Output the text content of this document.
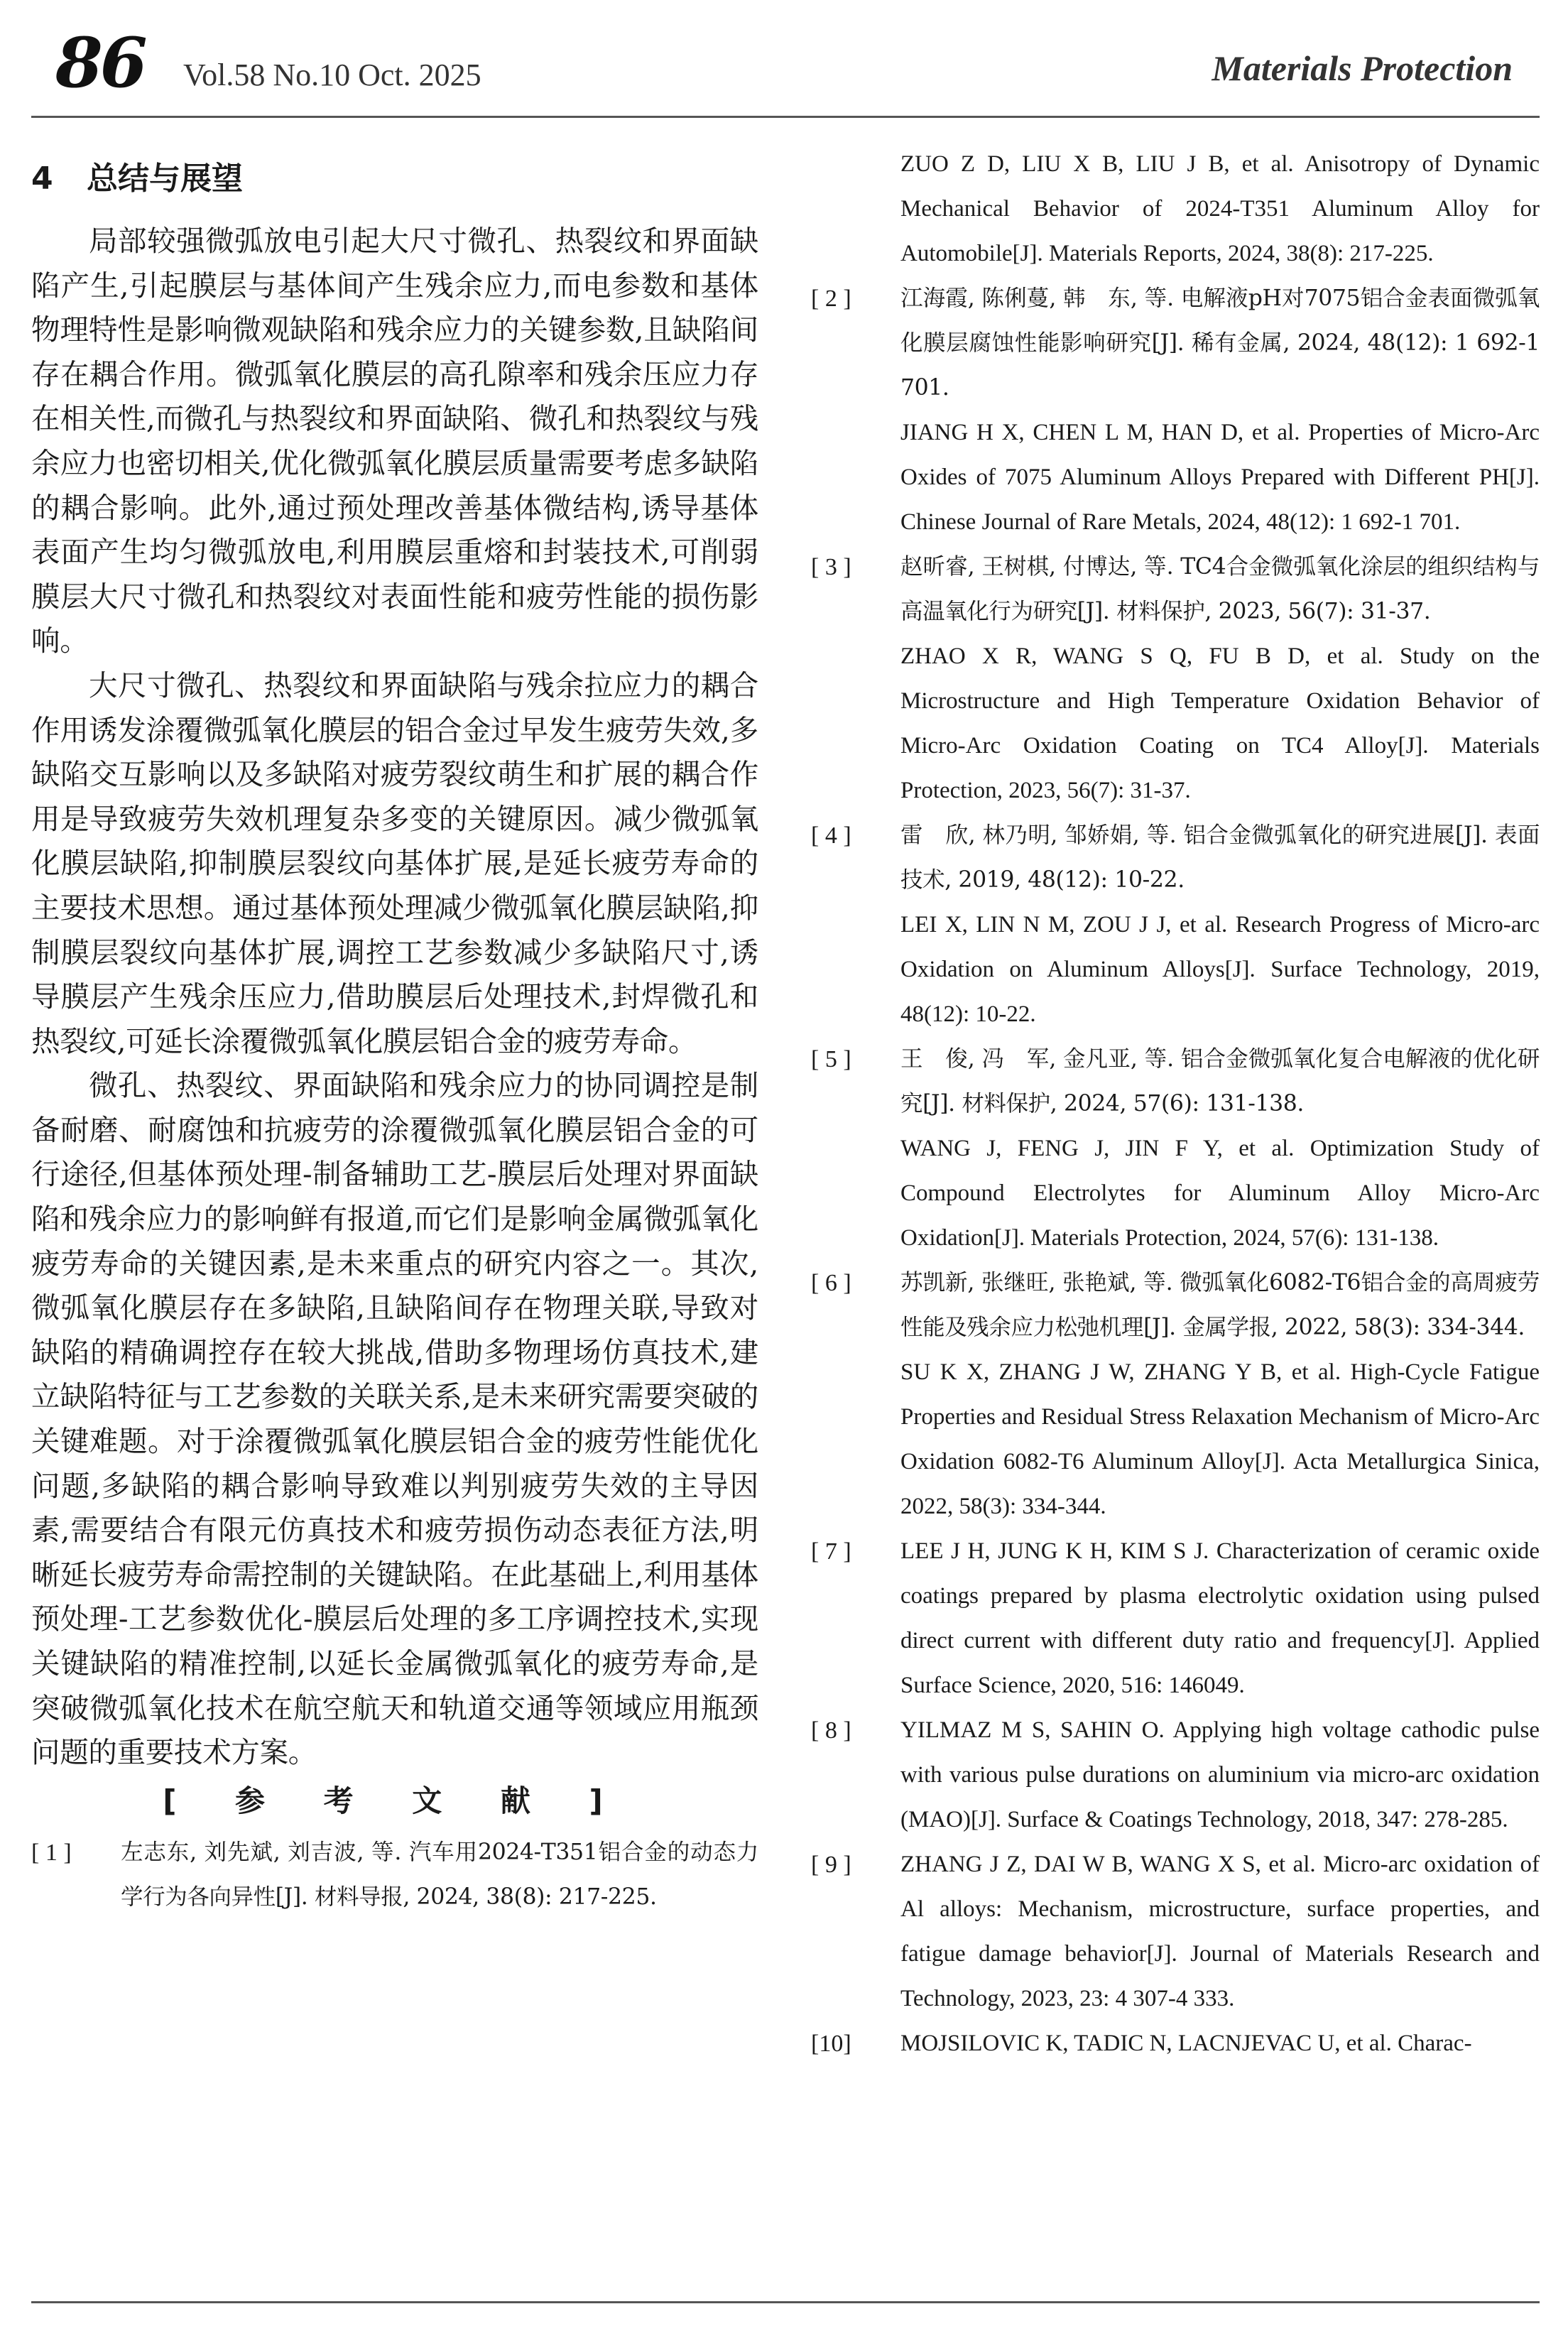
86 Vol.58 No.10 Oct. 2025	Materials Protection
4 总结与展望

局部较强微弧放电引起大尺寸微孔、热裂纹和界面缺陷产生,引起膜层与基体间产生残余应力,而电参数和基体物理特性是影响微观缺陷和残余应力的关键参数,且缺陷间存在耦合作用。微弧氧化膜层的高孔隙率和残余压应力存在相关性,而微孔与热裂纹和界面缺陷、微孔和热裂纹与残余应力也密切相关,优化微弧氧化膜层质量需要考虑多缺陷的耦合影响。此外,通过预处理改善基体微结构,诱导基体表面产生均匀微弧放电,利用膜层重熔和封装技术,可削弱膜层大尺寸微孔和热裂纹对表面性能和疲劳性能的损伤影响。

大尺寸微孔、热裂纹和界面缺陷与残余拉应力的耦合作用诱发涂覆微弧氧化膜层的铝合金过早发生疲劳失效,多缺陷交互影响以及多缺陷对疲劳裂纹萌生和扩展的耦合作用是导致疲劳失效机理复杂多变的关键原因。减少微弧氧化膜层缺陷,抑制膜层裂纹向基体扩展,是延长疲劳寿命的主要技术思想。通过基体预处理减少微弧氧化膜层缺陷,抑制膜层裂纹向基体扩展,调控工艺参数减少多缺陷尺寸,诱导膜层产生残余压应力,借助膜层后处理技术,封焊微孔和热裂纹,可延长涂覆微弧氧化膜层铝合金的疲劳寿命。

微孔、热裂纹、界面缺陷和残余应力的协同调控是制备耐磨、耐腐蚀和抗疲劳的涂覆微弧氧化膜层铝合金的可行途径,但基体预处理-制备辅助工艺-膜层后处理对界面缺陷和残余应力的影响鲜有报道,而它们是影响金属微弧氧化疲劳寿命的关键因素,是未来重点的研究内容之一。其次,微弧氧化膜层存在多缺陷,且缺陷间存在物理关联,导致对缺陷的精确调控存在较大挑战,借助多物理场仿真技术,建立缺陷特征与工艺参数的关联关系,是未来研究需要突破的关键难题。对于涂覆微弧氧化膜层铝合金的疲劳性能优化问题,多缺陷的耦合影响导致难以判别疲劳失效的主导因素,需要结合有限元仿真技术和疲劳损伤动态表征方法,明晰延长疲劳寿命需控制的关键缺陷。在此基础上,利用基体预处理-工艺参数优化-膜层后处理的多工序调控技术,实现关键缺陷的精准控制,以延长金属微弧氧化的疲劳寿命,是突破微弧氧化技术在航空航天和轨道交通等领域应用瓶颈问题的重要技术方案。

[ 参 考 文 献 ]
[ 1 ]	左志东, 刘先斌, 刘吉波, 等. 汽车用2024-T351铝合金的动态力学行为各向异性[J]. 材料导报, 2024, 38(8): 217-225.
ZUO Z D, LIU X B, LIU J B, et al. Anisotropy of Dynamic Mechanical Behavior of 2024-T351 Aluminum Alloy for Automobile[J]. Materials Reports, 2024, 38(8): 217-225.
[ 2 ]	江海霞, 陈俐蔓, 韩　东, 等. 电解液pH对7075铝合金表面微弧氧化膜层腐蚀性能影响研究[J]. 稀有金属, 2024, 48(12): 1 692-1 701.
JIANG H X, CHEN L M, HAN D, et al. Properties of Micro-Arc Oxides of 7075 Aluminum Alloys Prepared with Different PH[J]. Chinese Journal of Rare Metals, 2024, 48(12): 1 692-1 701.
[ 3 ]	赵昕睿, 王树棋, 付博达, 等. TC4合金微弧氧化涂层的组织结构与高温氧化行为研究[J]. 材料保护, 2023, 56(7): 31-37.
ZHAO X R, WANG S Q, FU B D, et al. Study on the Microstructure and High Temperature Oxidation Behavior of Micro-Arc Oxidation Coating on TC4 Alloy[J]. Materials Protection, 2023, 56(7): 31-37.
[ 4 ]	雷　欣, 林乃明, 邹娇娟, 等. 铝合金微弧氧化的研究进展[J]. 表面技术, 2019, 48(12): 10-22.
LEI X, LIN N M, ZOU J J, et al. Research Progress of Micro-arc Oxidation on Aluminum Alloys[J]. Surface Technology, 2019, 48(12): 10-22.
[ 5 ]	王　俊, 冯　军, 金凡亚, 等. 铝合金微弧氧化复合电解液的优化研究[J]. 材料保护, 2024, 57(6): 131-138.
WANG J, FENG J, JIN F Y, et al. Optimization Study of Compound Electrolytes for Aluminum Alloy Micro-Arc Oxidation[J]. Materials Protection, 2024, 57(6): 131-138.
[ 6 ]	苏凯新, 张继旺, 张艳斌, 等. 微弧氧化6082-T6铝合金的高周疲劳性能及残余应力松弛机理[J]. 金属学报, 2022, 58(3): 334-344.
SU K X, ZHANG J W, ZHANG Y B, et al. High-Cycle Fatigue Properties and Residual Stress Relaxation Mechanism of Micro-Arc Oxidation 6082-T6 Aluminum Alloy[J]. Acta Metallurgica Sinica, 2022, 58(3): 334-344.
[ 7 ]	LEE J H, JUNG K H, KIM S J. Characterization of ceramic oxide coatings prepared by plasma electrolytic oxidation using pulsed direct current with different duty ratio and frequency[J]. Applied Surface Science, 2020, 516: 146049.
[ 8 ]	YILMAZ M S, SAHIN O. Applying high voltage cathodic pulse with various pulse durations on aluminium via micro-arc oxidation (MAO)[J]. Surface & Coatings Technology, 2018, 347: 278-285.
[ 9 ]	ZHANG J Z, DAI W B, WANG X S, et al. Micro-arc oxidation of Al alloys: Mechanism, microstructure, surface properties, and fatigue damage behavior[J]. Journal of Materials Research and Technology, 2023, 23: 4 307-4 333.
[10]	MOJSILOVIC K, TADIC N, LACNJEVAC U, et al. Charac-
